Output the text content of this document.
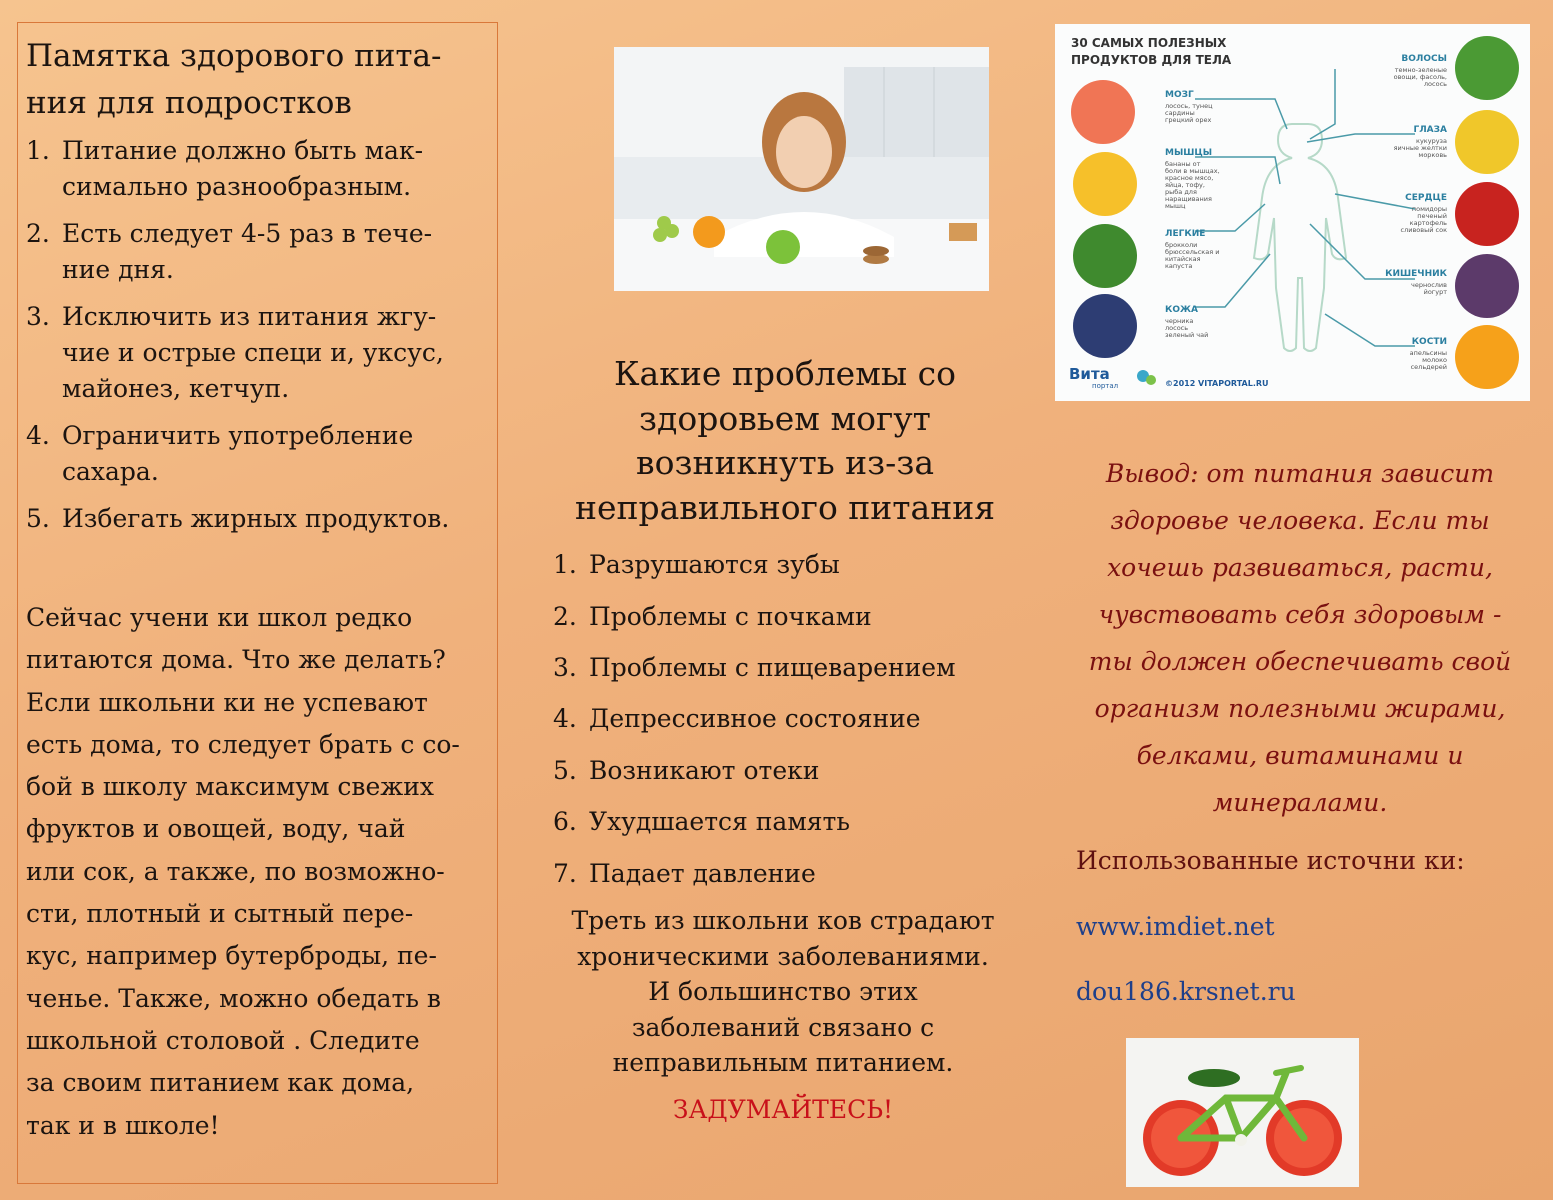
Памятка здорового пита-
ния для подростков
1. Питание должно быть мак-
симально разнообразным.
2. Есть следует 4-5 раз в тече-
ние дня.
3. Исключить из питания жгу-
чие и острые специ и, уксус,
майонез, кетчуп.
4. Ограничить употребление
сахара.
5. Избегать жирных продуктов.
Сейчас учени ки школ редко
питаются дома. Что же делать?
Если школьни ки не успевают
есть дома, то следует брать с со-
бой в школу максимум свежих
фруктов и овощей, воду, чай
или сок, а также, по возможно-
сти, плотный и сытный пере-
кус, например бутерброды, пе-
ченье. Также, можно обедать в
школьной столовой . Следите
за своим питанием как дома,
так и в школе!
Какие проблемы со
здоровьем могут
возникнуть из-за
неправильного питания
1. Разрушаются зубы
2. Проблемы с почками
3. Проблемы с пищеварением
4. Депрессивное состояние
5. Возникают отеки
6. Ухудшается память
7. Падает давление
Треть из школьни ков страдают
хроническими заболеваниями.
И большинство этих
заболеваний связано с
неправильным питанием.
ЗАДУМАЙТЕСЬ!
30 САМЫХ ПОЛЕЗНЫХ ПРОДУКТОВ ДЛЯ ТЕЛА
МОЗГ
МЫШЦЫ
ЛЕГКИЕ
КОЖА
лосось, тунец
сардины
грецкий орех
бананы от
боли в мышцах,
красное мясо,
яйца, тофу,
рыба для
наращивания
мышц
брокколи
брюссельская и
китайская
капуста
черника
лосось
зеленый чай
ВОЛОСЫ
ГЛАЗА
СЕРДЦЕ
КИШЕЧНИК
КОСТИ
темно-зеленые
овощи, фасоль,
лосось
кукуруза
яичные желтки
морковь
помидоры
печеный
картофель
сливовый сок
чернослив
йогурт
апельсины
молоко
сельдерей
Вита
портал	©2012 VITAPORTAL.RU
Вывод: от питания зависит
здоровье человека. Если ты
хочешь развиваться, расти,
чувствовать себя здоровым -
ты должен обеспечивать свой
организм полезными жирами,
белками, витаминами и
минералами.
Использованные источни ки:
www.imdiet.net
dou186.krsnet.ru
